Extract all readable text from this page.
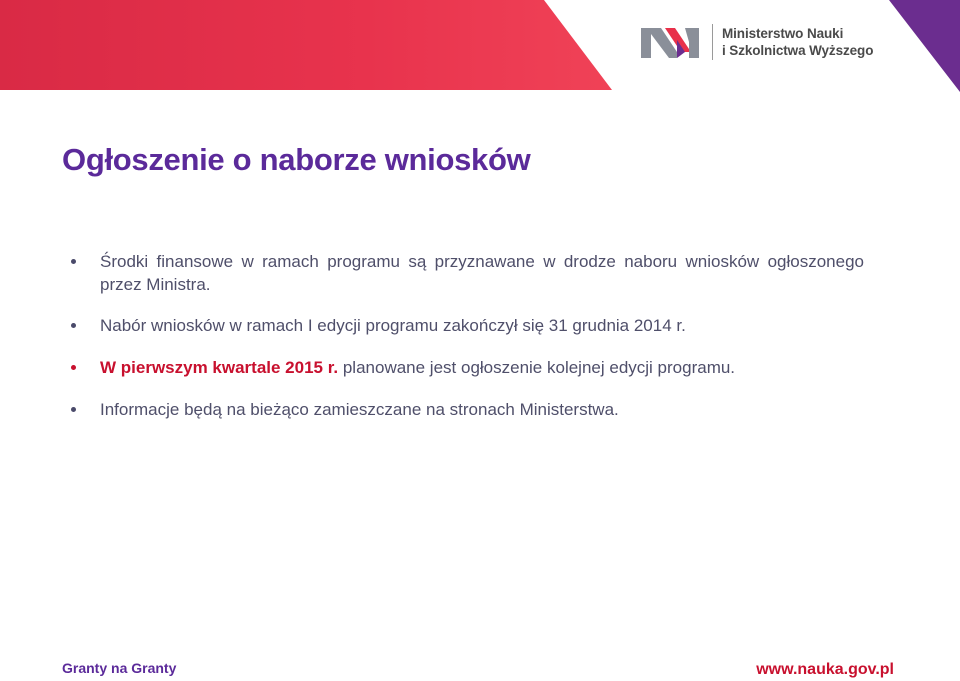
Ministerstwo Nauki
i Szkolnictwa Wyższego
Ogłoszenie o naborze wniosków
Środki finansowe w ramach programu są przyznawane w drodze naboru wniosków ogłoszonego przez Ministra.
Nabór wniosków w ramach I edycji programu zakończył się 31 grudnia 2014 r.
W pierwszym kwartale 2015 r. planowane jest ogłoszenie kolejnej edycji programu.
Informacje będą na bieżąco zamieszczane na stronach Ministerstwa.
Granty na Granty	www.nauka.gov.pl
